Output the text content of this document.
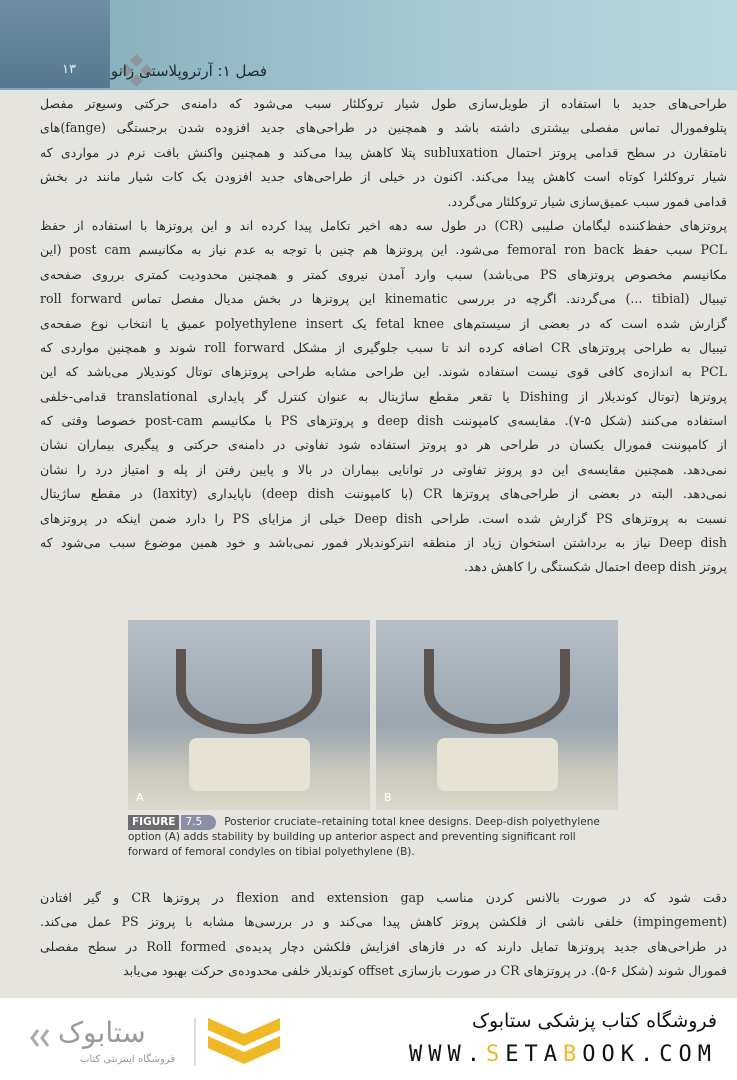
۱۳ فصل ۱: آرتروپلاستی زانو
طراحی‌های جدید با استفاده از طویل‌سازی طول شیار تروکلئار سبب می‌شود که دامنه‌ی حرکتی وسیع‌تر مفصل
پتلوفمورال تماس مفصلی بیشتری داشته باشد و همچنین در طراحی‌های جدید افزوده شدن برجستگی (fange)های
نامتقارن در سطح قدامی پروتز احتمال subluxation پتلا کاهش پیدا می‌کند و همچنین واکنش بافت نرم در مواردی که
شیار تروکلئرا کوتاه است کاهش پیدا می‌کند. اکنون در خیلی از طراحی‌های جدید افزودن یک کات شیار مانند در بخش
قدامی فمور سبب عمیق‌سازی شیار تروکلئار می‌گردد.
پروتزهای حفظ‌کننده لیگامان صلیبی (CR) در طول سه دهه اخیر تکامل پیدا کرده اند و این پروتزها با استفاده از حفظ
PCL سبب حفظ femoral ron back می‌شود. این پروتزها هم چنین با توجه به عدم نیاز به مکانیسم post cam (این
مکانیسم مخصوص پروتزهای PS می‌باشد) سبب وارد آمدن نیروی کمتر و همچنین محدودیت کمتری برروی صفحه‌ی
تیبیال (tibial ...) می‌گردند. اگرچه در بررسی kinematic این پروتزها در بخش مدیال مفصل تماس roll forward
گزارش شده است که در بعضی از سیستم‌های fetal knee یک polyethylene insert عمیق یا انتخاب نوع صفحه‌ی
تیبیال به طراحی پروتزهای CR اضافه کرده اند تا سبب جلوگیری از مشکل roll forward شوند و همچنین مواردی که
PCL به اندازه‌ی کافی قوی نیست استفاده شوند. این طراحی مشابه طراحی پروتزهای توتال کوندیلار می‌باشد که این
پروتزها (توتال کوندیلار از Dishing یا تقعر مقطع ساژیتال به عنوان کنترل گر پایداری translational قدامی-خلفی
استفاده می‌کنند (شکل ۵-۷). مقایسه‌ی کامپوننت deep dish و پروتزهای PS با مکانیسم post-cam خصوصا وقتی که
از کامپوننت فمورال یکسان در طراحی هر دو پروتز استفاده شود تفاوتی در دامنه‌ی حرکتی و پیگیری بیماران نشان
نمی‌دهد. همچنین مقایسه‌ی این دو پروتز تفاوتی در توانایی بیماران در بالا و پایین رفتن از پله و امتیاز درد را نشان
نمی‌دهد. البته در بعضی از طراحی‌های پروتزها CR (با کامپوننت deep dish) ناپایداری (laxity) در مقطع ساژیتال
نسبت به پروتزهای PS گزارش شده است. طراحی Deep dish خیلی از مزایای PS را دارد ضمن اینکه در پروتزهای
Deep dish نیاز به برداشتن استخوان زیاد از منطقه انترکوندیلار فمور نمی‌باشد و خود همین موضوع سبب می‌شود که
پروتز deep dish احتمال شکستگی را کاهش دهد.
A	B
FIGURE 7.5 Posterior cruciate–retaining total knee designs. Deep-dish polyethylene option (A) adds stability by building up anterior aspect and preventing significant roll forward of femoral condyles on tibial polyethylene (B).
دقت شود که در صورت بالانس کردن مناسب flexion and extension gap در پروتزها CR و گیر افتادن
(impingement) خلفی ناشی از فلکشن پروتز کاهش پیدا می‌کند و در بررسی‌ها مشابه با پروتز PS عمل می‌کند.
در طراحی‌های جدید پروتزها تمایل دارند که در فازهای افزایش فلکشن دچار پدیده‌ی Roll formed در سطح مفصلی
فمورال شوند (شکل ۶-۵). در پروتزهای CR در صورت بازسازی offset کوندیلار خلفی محدوده‌ی حرکت بهبود می‌یابد
ستابوک
فروشگاه اینترنتی کتاب
فروشگاه کتاب پزشکی ستابوک
WWW.SETABOOK.COM
